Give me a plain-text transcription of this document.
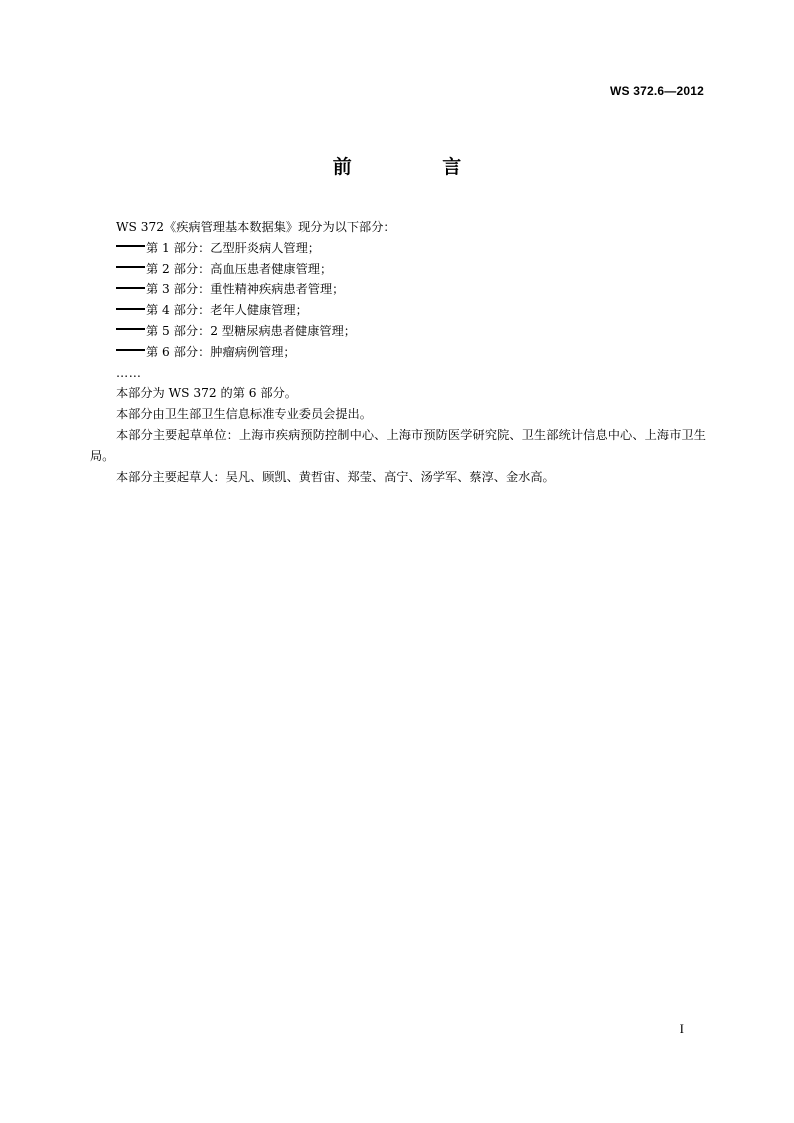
WS 372.6—2012
前 言

WS 372《疾病管理基本数据集》现分为以下部分：

第 1 部分：乙型肝炎病人管理；

第 2 部分：高血压患者健康管理；

第 3 部分：重性精神疾病患者管理；

第 4 部分：老年人健康管理；

第 5 部分：2 型糖尿病患者健康管理；

第 6 部分：肿瘤病例管理；

……

本部分为 WS 372 的第 6 部分。

本部分由卫生部卫生信息标准专业委员会提出。

本部分主要起草单位：上海市疾病预防控制中心、上海市预防医学研究院、卫生部统计信息中心、上海市卫生局。

本部分主要起草人：吴凡、顾凯、黄哲宙、郑莹、高宁、汤学军、蔡淳、金水高。

I
